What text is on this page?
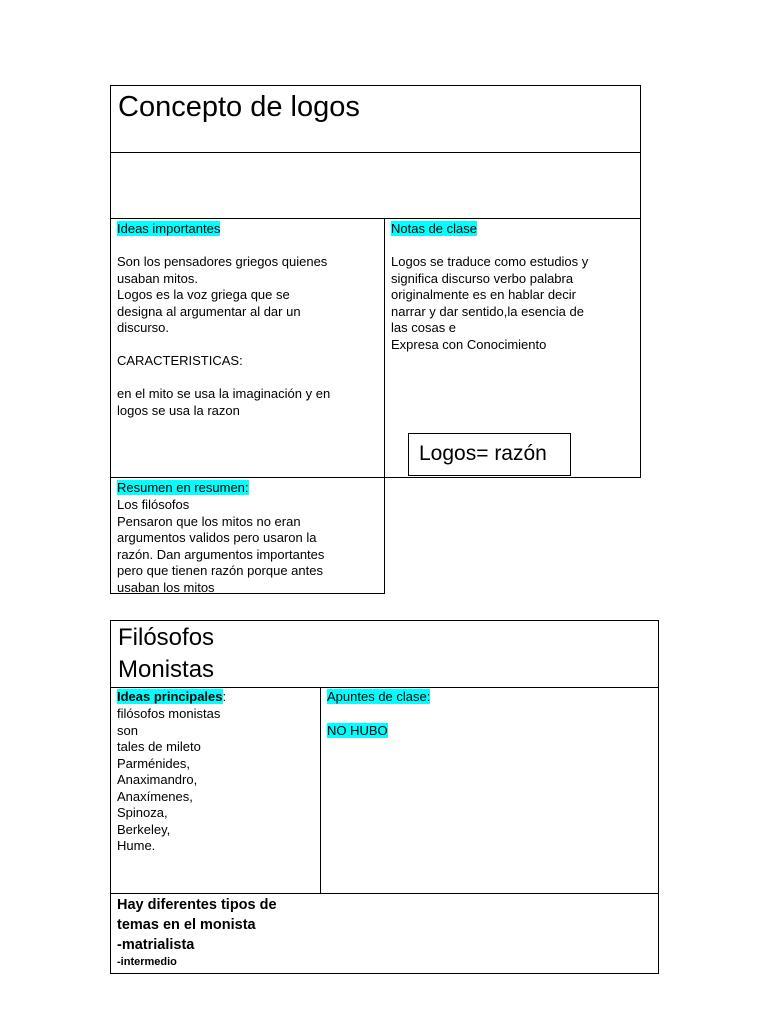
Concepto de logos
Ideas importantes
Son los pensadores griegos quienes
usaban mitos.
Logos es la voz griega que se
designa al argumentar al dar un
discurso.

CARACTERISTICAS:

en el mito se usa la imaginación y en
logos se usa la razon
Notas de clase
Logos se traduce como estudios y
significa discurso verbo palabra
originalmente es en hablar decir
narrar y dar sentido,la esencia de
las cosas e
Expresa con Conocimiento
Logos= razón
Resumen en resumen:
Los filósofos
Pensaron que los mitos no eran
argumentos validos pero usaron la
razón. Dan argumentos importantes
pero que tienen razón porque antes
usaban los mitos
Filósofos
Monistas
Ideas principales:
filósofos monistas
son
tales de mileto
Parménides,
Anaximandro,
Anaxímenes,
Spinoza,
Berkeley,
Hume.
Apuntes de clase:
NO HUBO
Hay diferentes tipos de
temas en el monista
-matrialista
-intermedio
